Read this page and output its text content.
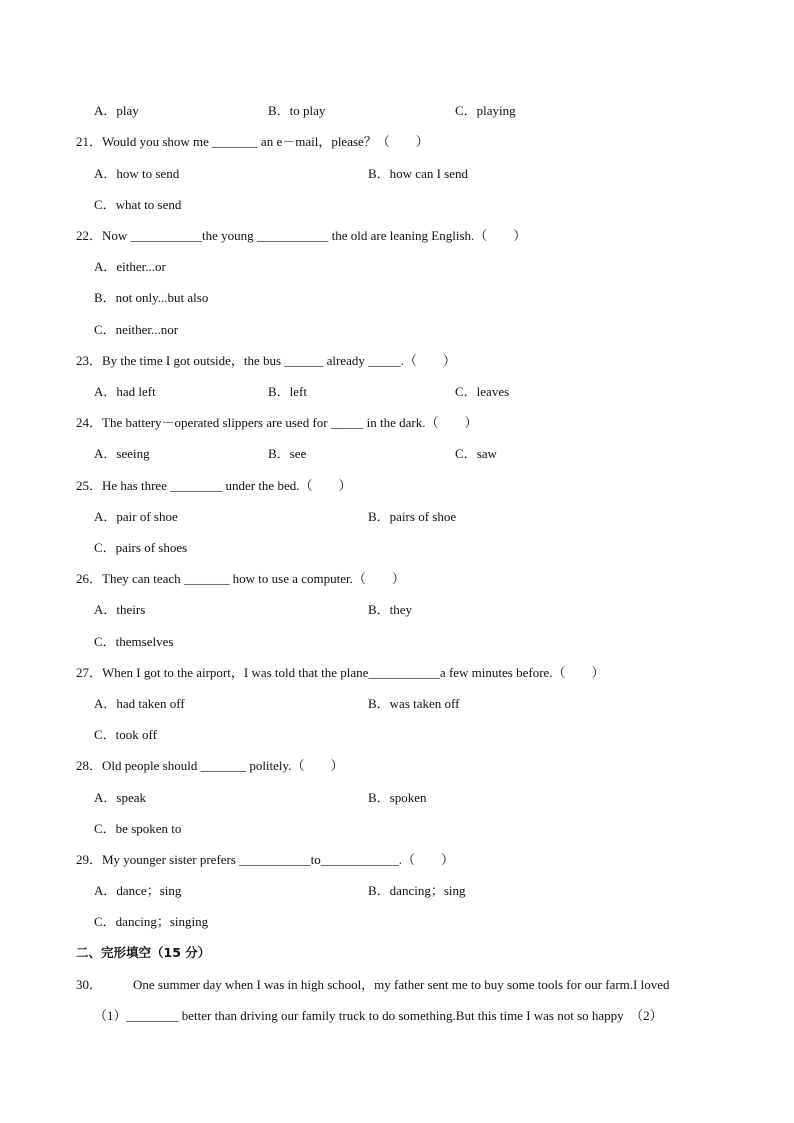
A．play	B．to play	C．playing
21．Would you show me _______ an e－mail，please？（　　）
A．how to send	B．how can I send
C．what to send
22．Now ___________the young ___________ the old are leaning English.（　　）
A．either...or
B．not only...but also
C．neither...nor
23．By the time I got outside，the bus ______ already _____.（　　）
A．had left	B．left	C．leaves
24．The battery－operated slippers are used for _____ in the dark.（　　）
A．seeing	B．see	C．saw
25．He has three ________ under the bed.（　　）
A．pair of shoe	B．pairs of shoe
C．pairs of shoes
26．They can teach _______ how to use a computer.（　　）
A．theirs	B．they
C．themselves
27．When I got to the airport，I was told that the plane___________a few minutes before.（　　）
A．had taken off	B．was taken off
C．took off
28．Old people should _______ politely.（　　）
A．speak	B．spoken
C．be spoken to
29．My younger sister prefers ___________to____________.（　　）
A．dance；sing	B．dancing；sing
C．dancing；singing
二、完形填空（15 分）
30． One summer day when I was in high school，my father sent me to buy some tools for our farm.I loved
（1）________ better than driving our family truck to do something.But this time I was not so happy　（2）
